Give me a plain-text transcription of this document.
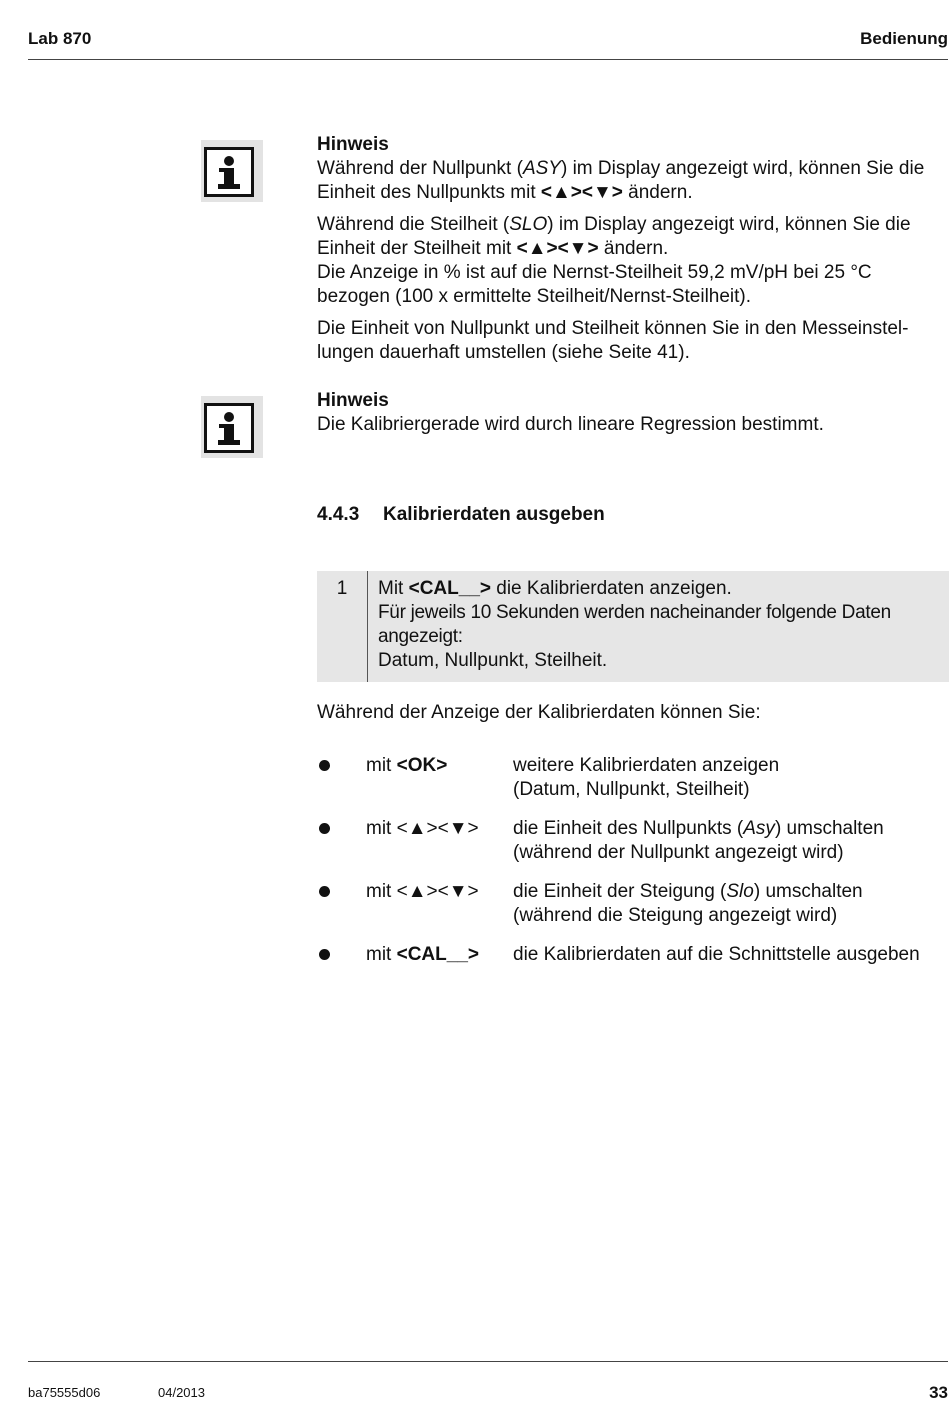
Lab 870	Bedienung

Hinweis

Während der Nullpunkt (ASY) im Display angezeigt wird, können Sie die Einheit des Nullpunkts mit <▲><▼> ändern.

Während die Steilheit (SLO) im Display angezeigt wird, können Sie die Einheit der Steilheit mit <▲><▼> ändern.
Die Anzeige in % ist auf die Nernst-Steilheit 59,2 mV/pH bei 25 °C bezogen (100 x ermittelte Steilheit/Nernst-Steilheit).

Die Einheit von Nullpunkt und Steilheit können Sie in den Messeinstellungen dauerhaft umstellen (siehe Seite 41).

Hinweis

Die Kalibriergerade wird durch lineare Regression bestimmt.

4.4.3 Kalibrierdaten ausgeben
1	Mit <CAL__> die Kalibrierdaten anzeigen.
Für jeweils 10 Sekunden werden nacheinander folgende Daten angezeigt:
Datum, Nullpunkt, Steilheit.
Während der Anzeige der Kalibrierdaten können Sie:
mit <OK>	weitere Kalibrierdaten anzeigen
(Datum, Nullpunkt, Steilheit)
mit <▲><▼> die Einheit des Nullpunkts (Asy) umschalten
(während der Nullpunkt angezeigt wird)
mit <▲><▼> die Einheit der Steigung (Slo) umschalten
(während die Steigung angezeigt wird)
mit <CAL__> die Kalibrierdaten auf die Schnittstelle ausgeben
ba75555d06	04/2013	33
